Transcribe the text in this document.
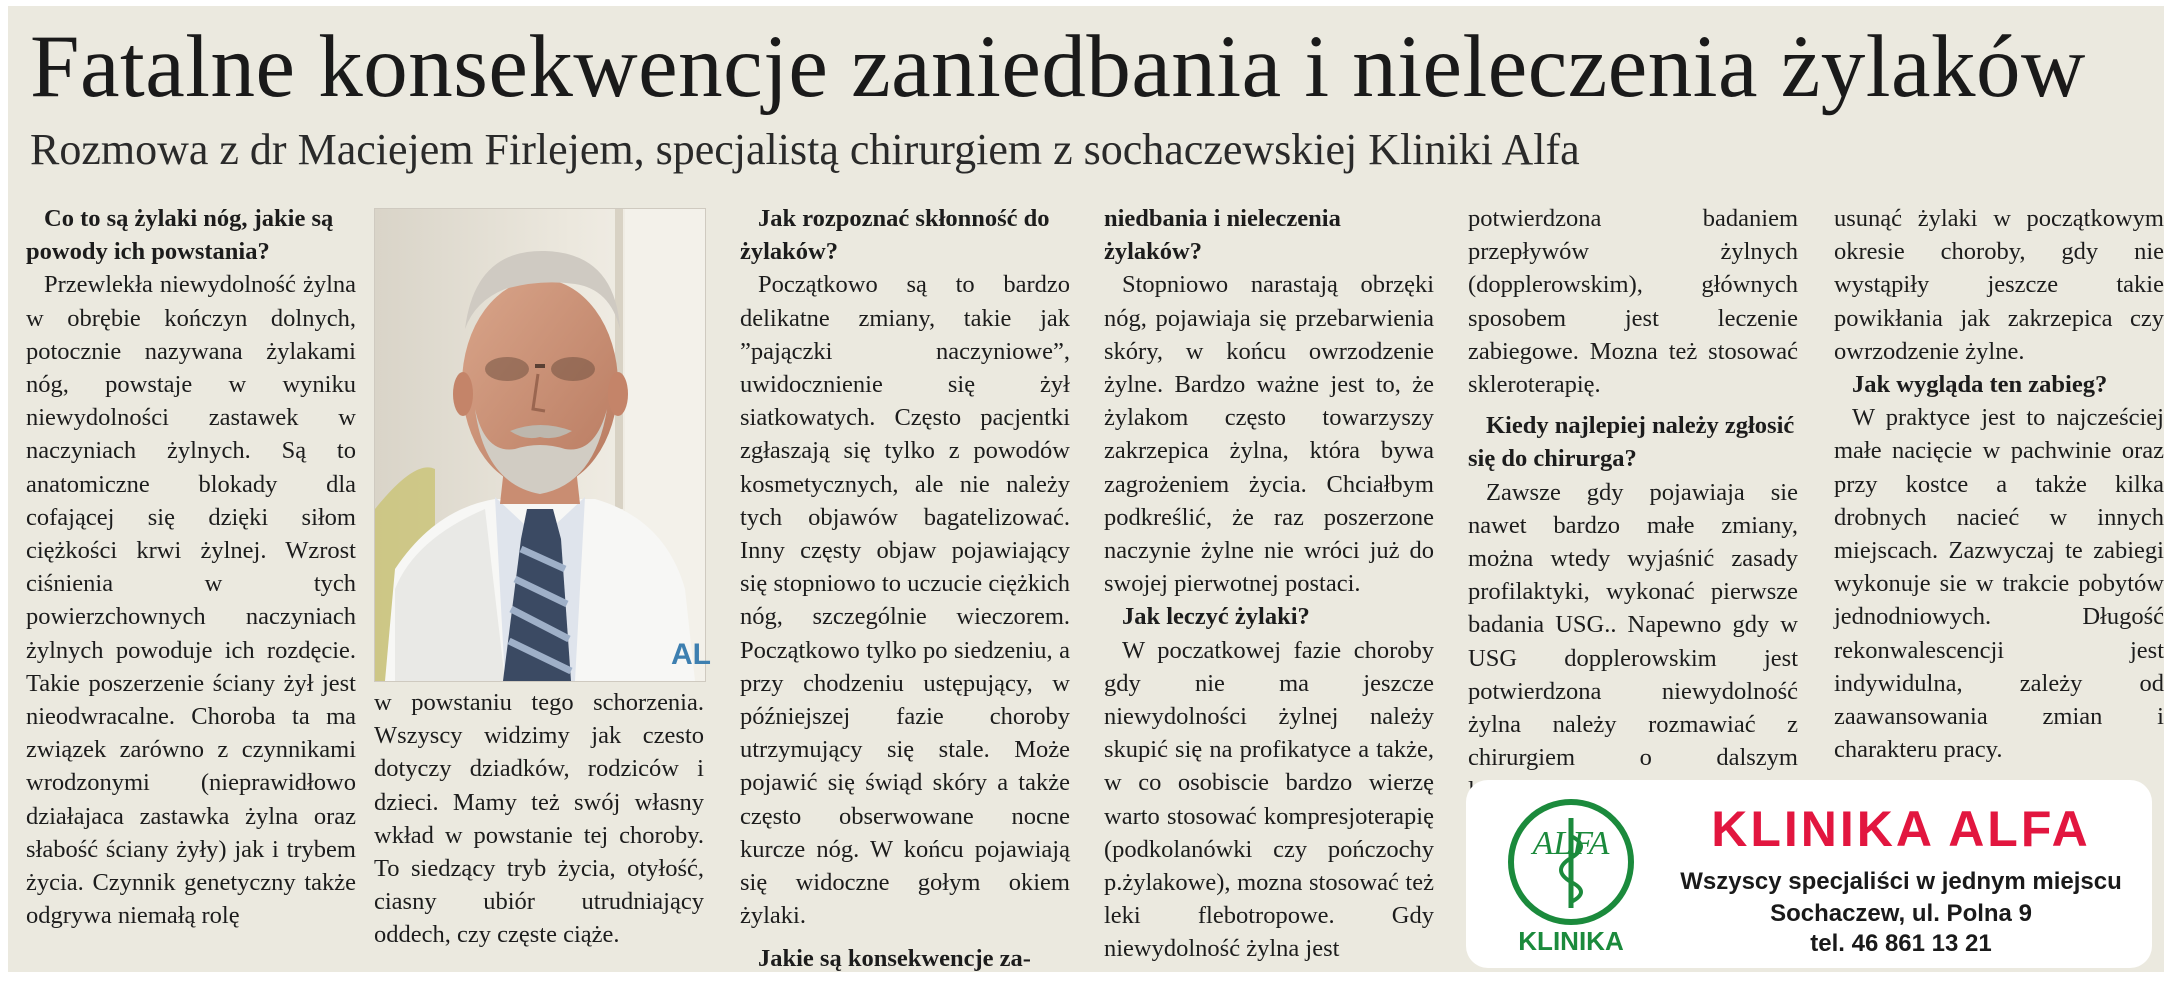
Fatalne konsekwencje zaniedbania i nieleczenia żylaków
Rozmowa z dr Maciejem Firlejem, specjalistą chirurgiem z sochaczewskiej Kliniki Alfa

Co to są żylaki nóg, jakie są powody ich powstania?

Przewlekła niewydolność żylna w obrębie kończyn dolnych, potocznie nazywana żylakami nóg, powstaje w wyniku niewydolności zastawek w naczyniach żylnych. Są to anatomiczne blokady dla cofającej się dzięki siłom ciężkości krwi żylnej. Wzrost ciśnienia w tych powierzchownych naczyniach żylnych powoduje ich rozdęcie. Takie poszerzenie ściany żył jest nieodwracalne. Choroba ta ma związek zarówno z czynnikami wrodzonymi (nieprawidłowo działajaca zastawka żylna oraz słabość ściany żyły) jak i trybem życia. Czynnik genetyczny także odgrywa niemałą rolę

AL

w powstaniu tego schorzenia. Wszyscy widzimy jak czesto dotyczy dziadków, rodziców i dzieci. Mamy też swój własny wkład w powstanie tej choroby. To siedzący tryb życia, otyłość, ciasny ubiór utrudniający oddech, czy częste ciąże.

Jak rozpoznać skłonność do żylaków?

Początkowo są to bardzo delikatne zmiany, takie jak ”pajączki naczyniowe”, uwidocznienie się żył siatkowatych. Często pacjentki zgłaszają się tylko z powodów kosmetycznych, ale nie należy tych objawów bagatelizować. Inny częsty objaw pojawiający się stopniowo to uczucie ciężkich nóg, szczególnie wieczorem. Początkowo tylko po siedzeniu, a przy chodzeniu ustępujący, w późniejszej fazie choroby utrzymujący się stale. Może pojawić się świąd skóry a także często obserwowane nocne kurcze nóg. W końcu pojawiają się widoczne gołym okiem żylaki.

Jakie są konsekwencje za-

niedbania i nieleczenia żylaków?

Stopniowo narastają obrzęki nóg, pojawiaja się przebarwienia skóry, w końcu owrzodzenie żylne. Bardzo ważne jest to, że żylakom często towarzyszy zakrzepica żylna, która bywa zagrożeniem życia. Chciałbym podkreślić, że raz poszerzone naczynie żylne nie wróci już do swojej pierwotnej postaci.

Jak leczyć żylaki?

W poczatkowej fazie choroby gdy nie ma jeszcze niewydolności żylnej należy skupić się na profikatyce a także, w co osobiscie bardzo wierzę warto stosować kompresjoterapię (podkolanówki czy pończochy p.żylakowe), mozna stosować też leki flebotropowe. Gdy niewydolność żylna jest

potwierdzona badaniem przepływów żylnych (dopplerowskim), głównych sposobem jest leczenie zabiegowe. Mozna też stosować skleroterapię.

Kiedy najlepiej należy zgłosić się do chirurga?

Zawsze gdy pojawiaja sie nawet bardzo małe zmiany, można wtedy wyjaśnić zasady profilaktyki, wykonać pierwsze badania USG.. Napewno gdy w USG dopplerowskim jest potwierdzona niewydolność żylna należy rozmawiać z chirurgiem o dalszym

usunąć żylaki w początkowym okresie choroby, gdy nie wystąpiły jeszcze takie powikłania jak zakrzepica czy owrzodzenie żylne.

Jak wygląda ten zabieg?

W praktyce jest to najcześciej małe nacięcie w pachwinie oraz przy kostce a także kilka drobnych nacieć w innych miejscach. Zazwyczaj te zabiegi wykonuje sie w trakcie pobytów jednodniowych. Długość rekonwalescencji jest indywidulna, zależy od zaawansowania zmian i charakteru pracy.

ALFA
KLINIKA
KLINIKA ALFA
Wszyscy specjaliści w jednym miejscu
Sochaczew, ul. Polna 9
tel. 46 861 13 21
